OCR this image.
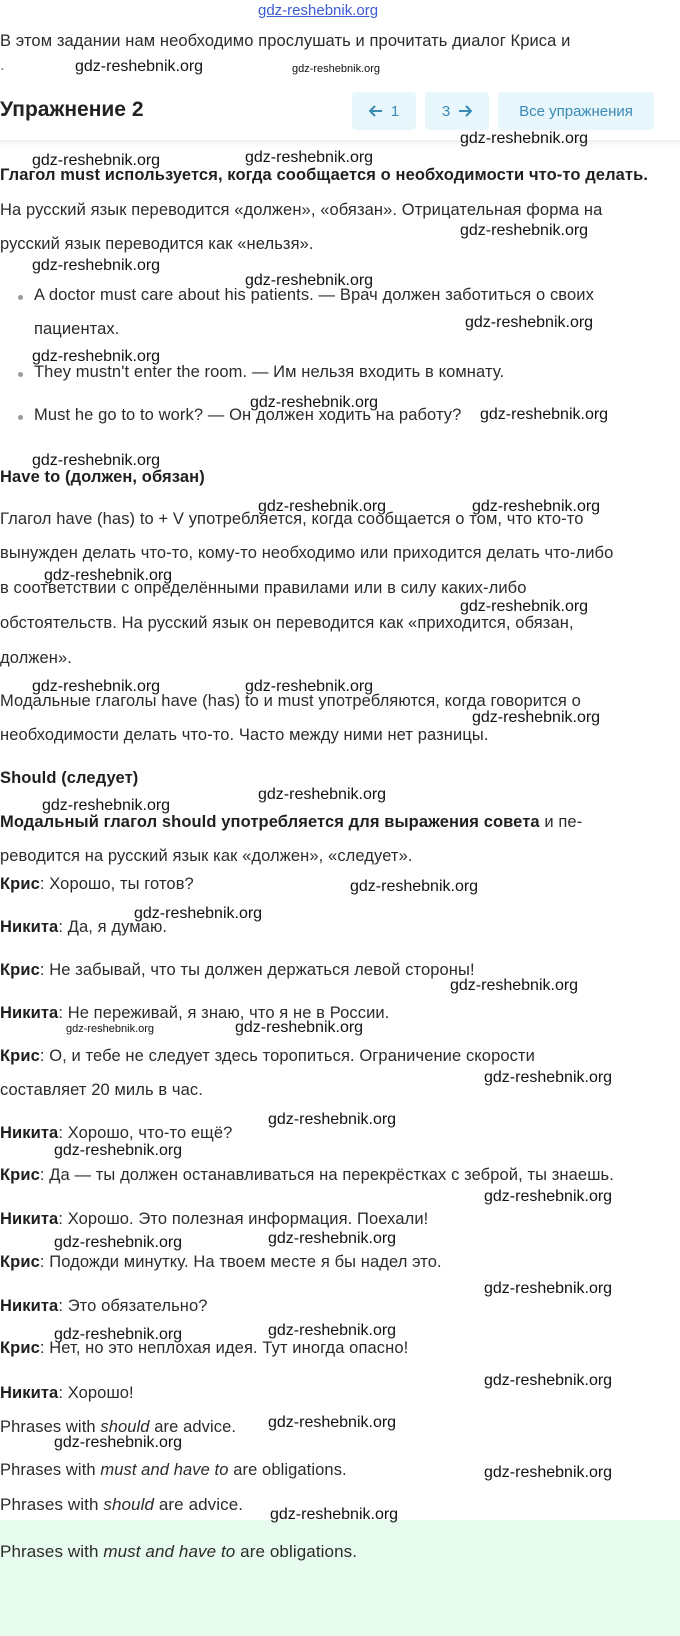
gdz-reshebnik.org
В этом задании нам необходимо прослушать и прочитать диалог Криса и
.
Упражнение 2	1	3	Все упражнения
Глагол must используется, когда сообщается о необходимости что-то делать.
На русский язык переводится «должен», «обязан». Отрицательная форма на
русский язык переводится как «нельзя».
A doctor must care about his patients. — Врач должен заботиться о своих
пациентах.
They mustn't enter the room. — Им нельзя входить в комнату.
Must he go to to work? — Он должен ходить на работу?
Have to (должен, обязан)
Глагол have (has) to + V употребляется, когда сообщается о том, что кто-то
вынужден делать что-то, кому-то необходимо или приходится делать что-либо
в соответствии с определёнными правилами или в силу каких-либо
обстоятельств. На русский язык он переводится как «приходится, обязан,
должен».
Модальные глаголы have (has) to и must употребляются, когда говорится о
необходимости делать что-то. Часто между ними нет разницы.
Should (следует)
Модальный глагол should употребляется для выражения совета и пе-
реводится на русский язык как «должен», «следует».
Крис: Хорошо, ты готов?
Никита: Да, я думаю.
Крис: Не забывай, что ты должен держаться левой стороны!
Никита: Не переживай, я знаю, что я не в России.
Крис: О, и тебе не следует здесь торопиться. Ограничение скорости
составляет 20 миль в час.
Никита: Хорошо, что-то ещё?
Крис: Да — ты должен останавливаться на перекрёстках с зеброй, ты знаешь.
Никита: Хорошо. Это полезная информация. Поехали!
Крис: Подожди минутку. На твоем месте я бы надел это.
Никита: Это обязательно?
Крис: Нет, но это неплохая идея. Тут иногда опасно!
Никита: Хорошо!
Phrases with should are advice.
Phrases with must and have to are obligations.
Phrases with should are advice.
Phrases with must and have to are obligations.
gdz-reshebnik.org	gdz-reshebnik.org
gdz-reshebnik.org
gdz-reshebnik.org	gdz-reshebnik.org
gdz-reshebnik.org
gdz-reshebnik.org
gdz-reshebnik.org
gdz-reshebnik.org
gdz-reshebnik.org
gdz-reshebnik.org
gdz-reshebnik.org
gdz-reshebnik.org
gdz-reshebnik.org	gdz-reshebnik.org
gdz-reshebnik.org
gdz-reshebnik.org
gdz-reshebnik.org	gdz-reshebnik.org
gdz-reshebnik.org
gdz-reshebnik.org
gdz-reshebnik.org
gdz-reshebnik.org
gdz-reshebnik.org
gdz-reshebnik.org
gdz-reshebnik.org	gdz-reshebnik.org
gdz-reshebnik.org
gdz-reshebnik.org
gdz-reshebnik.org
gdz-reshebnik.org
gdz-reshebnik.org
gdz-reshebnik.org
gdz-reshebnik.org
gdz-reshebnik.org
gdz-reshebnik.org
gdz-reshebnik.org
gdz-reshebnik.org
gdz-reshebnik.org
gdz-reshebnik.org
gdz-reshebnik.org
